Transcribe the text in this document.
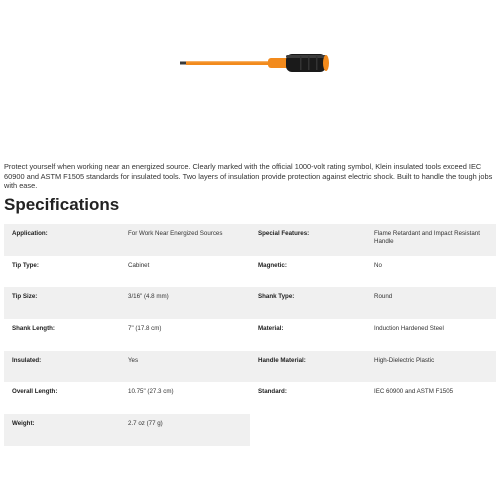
Protect yourself when working near an energized source. Clearly marked with the official 1000-volt rating symbol, Klein insulated tools exceed IEC 60900 and ASTM F1505 standards for insulated tools. Two layers of insulation provide protection against electric shock. Built to handle the tough jobs with ease.

Specifications
Application:	For Work Near Energized Sources	Special Features:	Flame Retardant and Impact Resistant Handle
Tip Type:	Cabinet	Magnetic:	No
Tip Size:	3/16" (4.8 mm)	Shank Type:	Round
Shank Length:	7" (17.8 cm)	Material:	Induction Hardened Steel
Insulated:	Yes	Handle Material:	High-Dielectric Plastic
Overall Length:	10.75" (27.3 cm)	Standard:	IEC 60900 and ASTM F1505
Weight:	2.7 oz (77 g)
